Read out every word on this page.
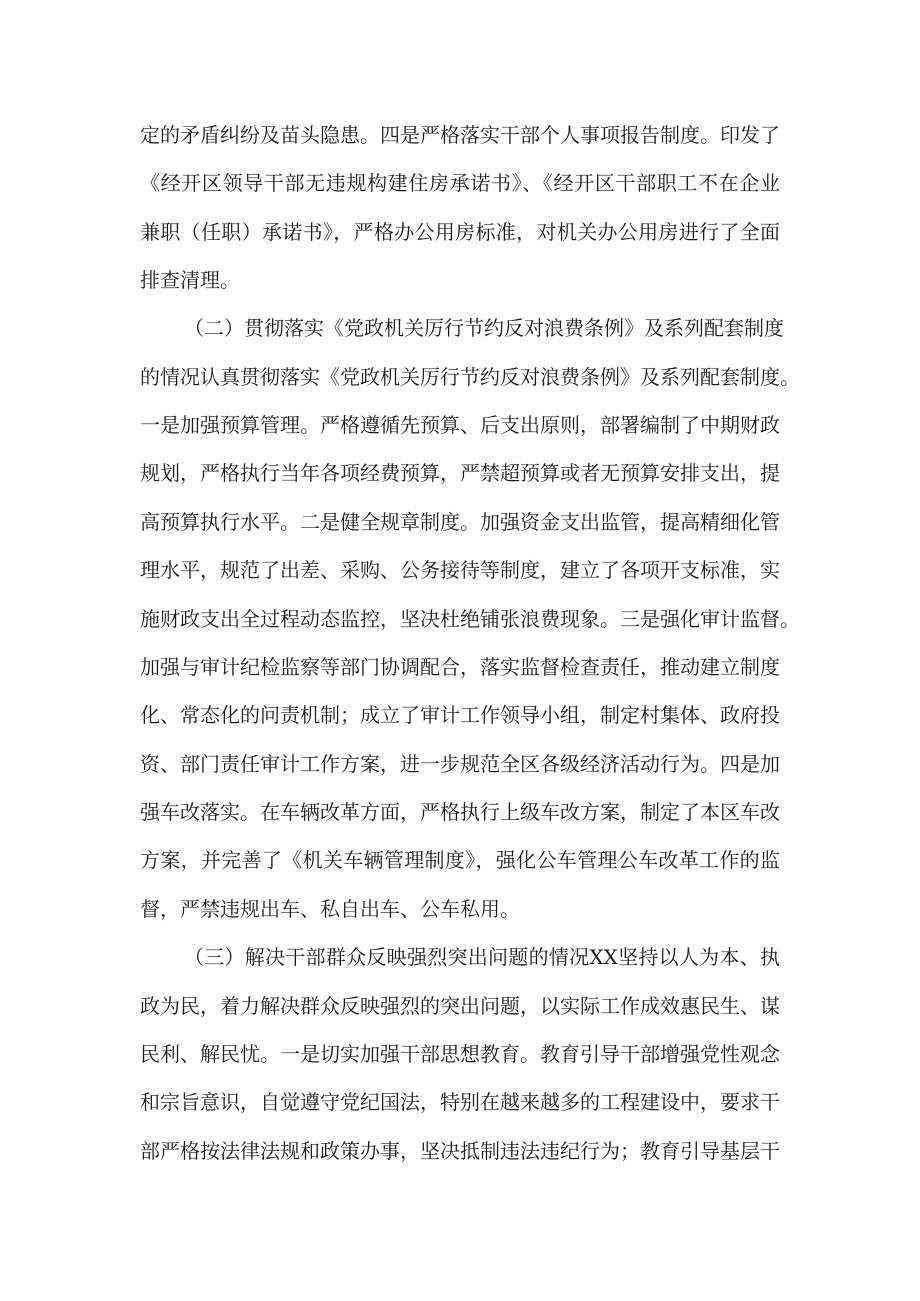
定的矛盾纠纷及苗头隐患。四是严格落实干部个人事项报告制度。印发了
《经开区领导干部无违规构建住房承诺书》、《经开区干部职工不在企业
兼职（任职）承诺书》，严格办公用房标准，对机关办公用房进行了全面
排查清理。
（二）贯彻落实《党政机关厉行节约反对浪费条例》及系列配套制度
的情况认真贯彻落实《党政机关厉行节约反对浪费条例》及系列配套制度。
一是加强预算管理。严格遵循先预算、后支出原则，部署编制了中期财政
规划，严格执行当年各项经费预算，严禁超预算或者无预算安排支出，提
高预算执行水平。二是健全规章制度。加强资金支出监管，提高精细化管
理水平，规范了出差、采购、公务接待等制度，建立了各项开支标准，实
施财政支出全过程动态监控，坚决杜绝铺张浪费现象。三是强化审计监督。
加强与审计纪检监察等部门协调配合，落实监督检查责任，推动建立制度
化、常态化的问责机制；成立了审计工作领导小组，制定村集体、政府投
资、部门责任审计工作方案，进一步规范全区各级经济活动行为。四是加
强车改落实。在车辆改革方面，严格执行上级车改方案，制定了本区车改
方案，并完善了《机关车辆管理制度》，强化公车管理公车改革工作的监
督，严禁违规出车、私自出车、公车私用。
（三）解决干部群众反映强烈突出问题的情况XX坚持以人为本、执
政为民，着力解决群众反映强烈的突出问题，以实际工作成效惠民生、谋
民利、解民忧。一是切实加强干部思想教育。教育引导干部增强党性观念
和宗旨意识，自觉遵守党纪国法，特别在越来越多的工程建设中，要求干
部严格按法律法规和政策办事，坚决抵制违法违纪行为；教育引导基层干
